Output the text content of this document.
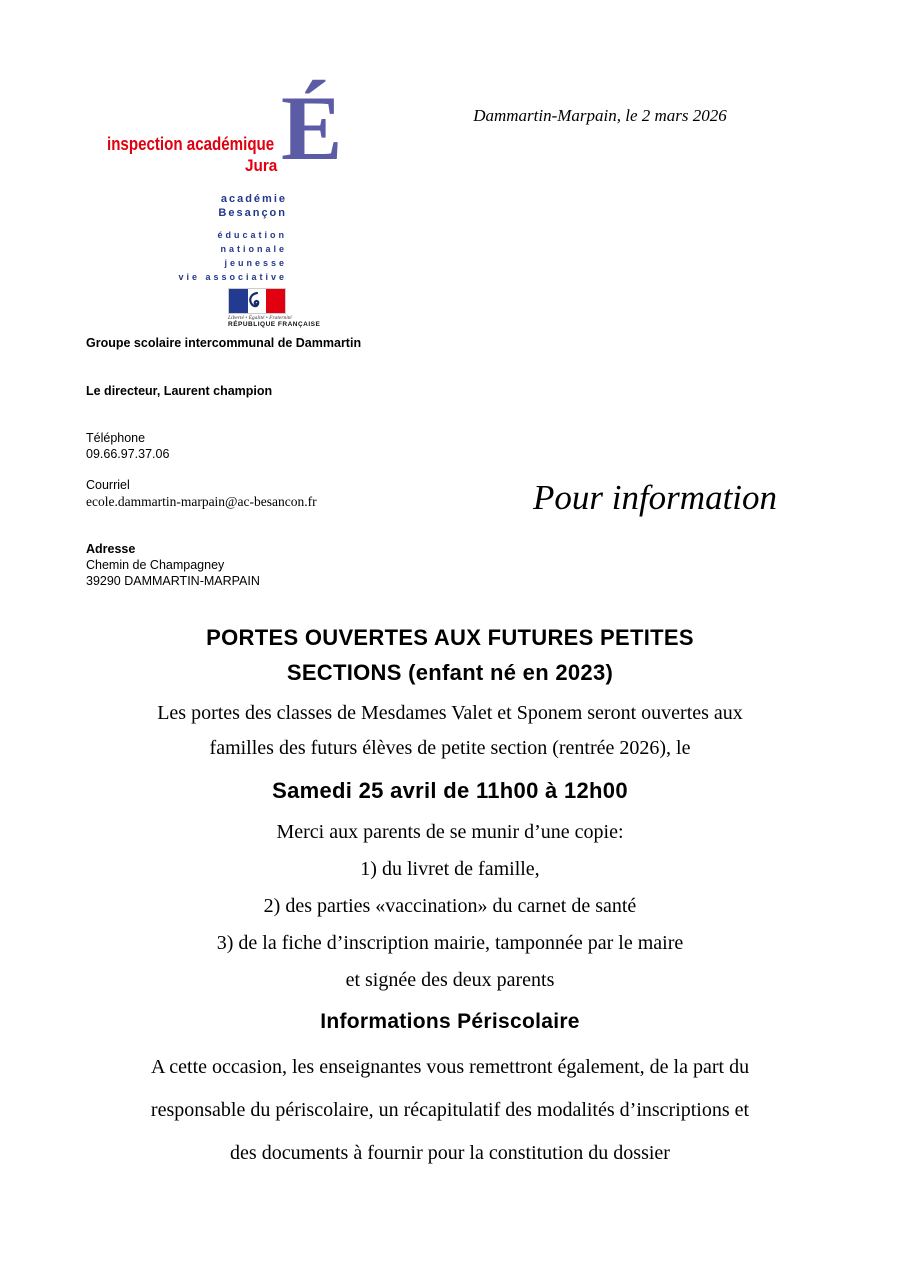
Dammartin-Marpain, le 2 mars 2026
É
inspection académique
Jura
académie
Besançon
éducation
nationale
jeunesse
vie associative
Liberté • Égalité • Fraternité
RÉPUBLIQUE FRANÇAISE
Groupe scolaire intercommunal de Dammartin
Le directeur, Laurent champion
Téléphone
09.66.97.37.06
Courriel
ecole.dammartin-marpain@ac-besancon.fr
Adresse
Chemin de Champagney
39290 DAMMARTIN-MARPAIN
Pour information
PORTES OUVERTES AUX FUTURES PETITES
SECTIONS (enfant né en 2023)
Les portes des classes de Mesdames Valet et Sponem seront ouvertes aux
familles des futurs élèves de petite section (rentrée 2026), le
Samedi 25 avril de 11h00 à 12h00
Merci aux parents de se munir d’une copie:
1) du livret de famille,
2) des parties «vaccination» du carnet de santé
3) de la fiche d’inscription mairie, tamponnée par le maire
et signée des deux parents
Informations Périscolaire
A cette occasion, les enseignantes vous remettront également, de la part du
responsable du périscolaire, un récapitulatif des modalités d’inscriptions et
des documents à fournir pour la constitution du dossier
